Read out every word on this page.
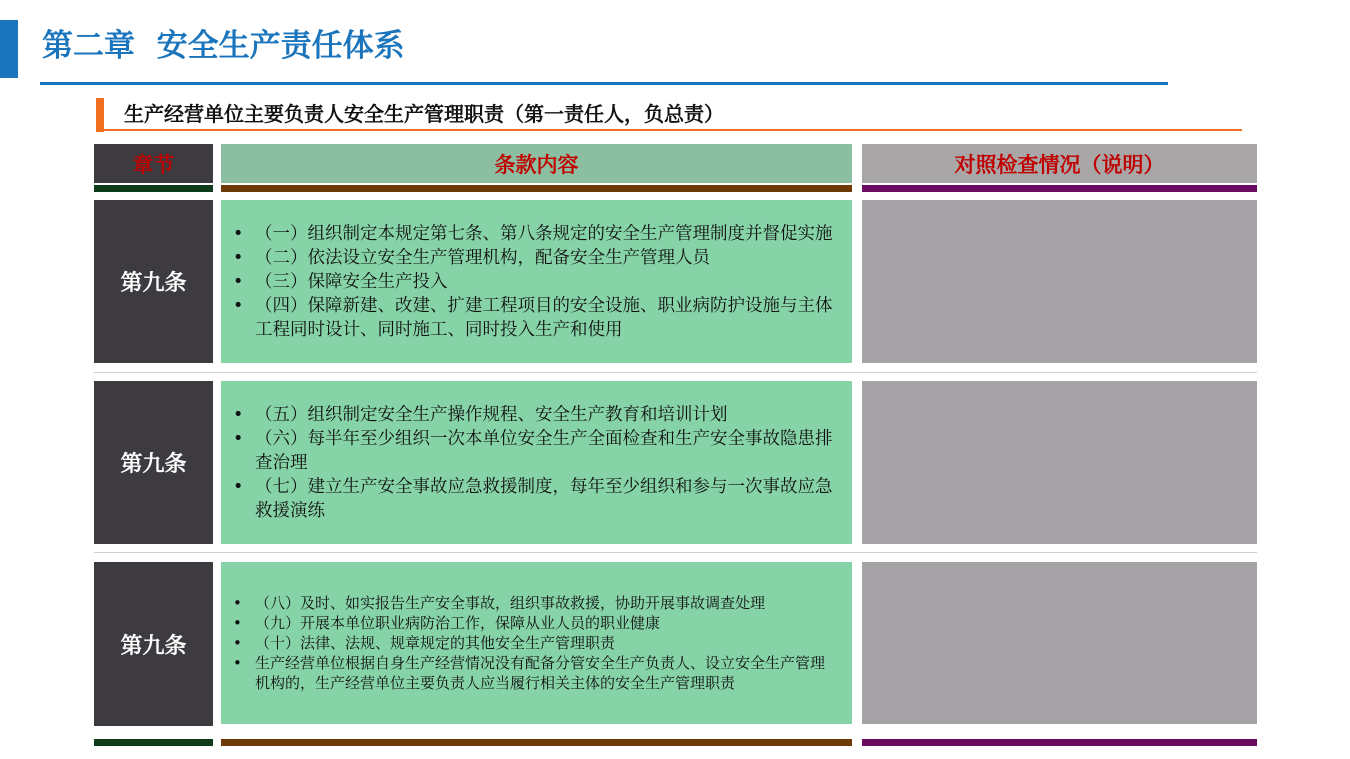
第二章  安全生产责任体系
生产经营单位主要负责人安全生产管理职责（第一责任人，负总责）
章节	条款内容	对照检查情况（说明）
第九条
• （一）组织制定本规定第七条、第八条规定的安全生产管理制度并督促实施
• （二）依法设立安全生产管理机构，配备安全生产管理人员
• （三）保障安全生产投入
• （四）保障新建、改建、扩建工程项目的安全设施、职业病防护设施与主体工程同时设计、同时施工、同时投入生产和使用
第九条
• （五）组织制定安全生产操作规程、安全生产教育和培训计划
• （六）每半年至少组织一次本单位安全生产全面检查和生产安全事故隐患排查治理
• （七）建立生产安全事故应急救援制度，每年至少组织和参与一次事故应急救援演练
第九条
• （八）及时、如实报告生产安全事故，组织事故救援，协助开展事故调查处理
• （九）开展本单位职业病防治工作，保障从业人员的职业健康
• （十）法律、法规、规章规定的其他安全生产管理职责
• 生产经营单位根据自身生产经营情况没有配备分管安全生产负责人、设立安全生产管理机构的，生产经营单位主要负责人应当履行相关主体的安全生产管理职责
